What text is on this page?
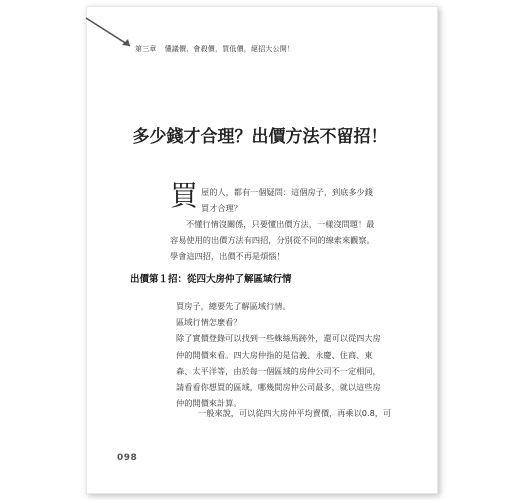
第三章 懂議價、會殺價，買低價，絕招大公開！
多少錢才合理？出價方法不留招！

買屋的人，都有一個疑問：這個房子，到底多少錢買才合理？

不懂行情沒關係，只要懂出價方法，一樣沒問題！最容易使用的出價方法有四招，分別從不同的線索來觀察。學會這四招，出價不再是煩惱！

出價第１招：從四大房仲了解區域行情

買房子，總要先了解區域行情。

區域行情怎麼看？

除了實價登錄可以找到一些蛛絲馬跡外，還可以從四大房仲的開價來看。四大房仲指的是信義、永慶、住商、東森、太平洋等，由於每一個區域的房仲公司不一定相同，請看看你想買的區域，哪幾間房仲公司最多，就以這些房仲的開價來計算。

一般來說，可以從四大房仲平均賣價，再乘以0.8，可
098
